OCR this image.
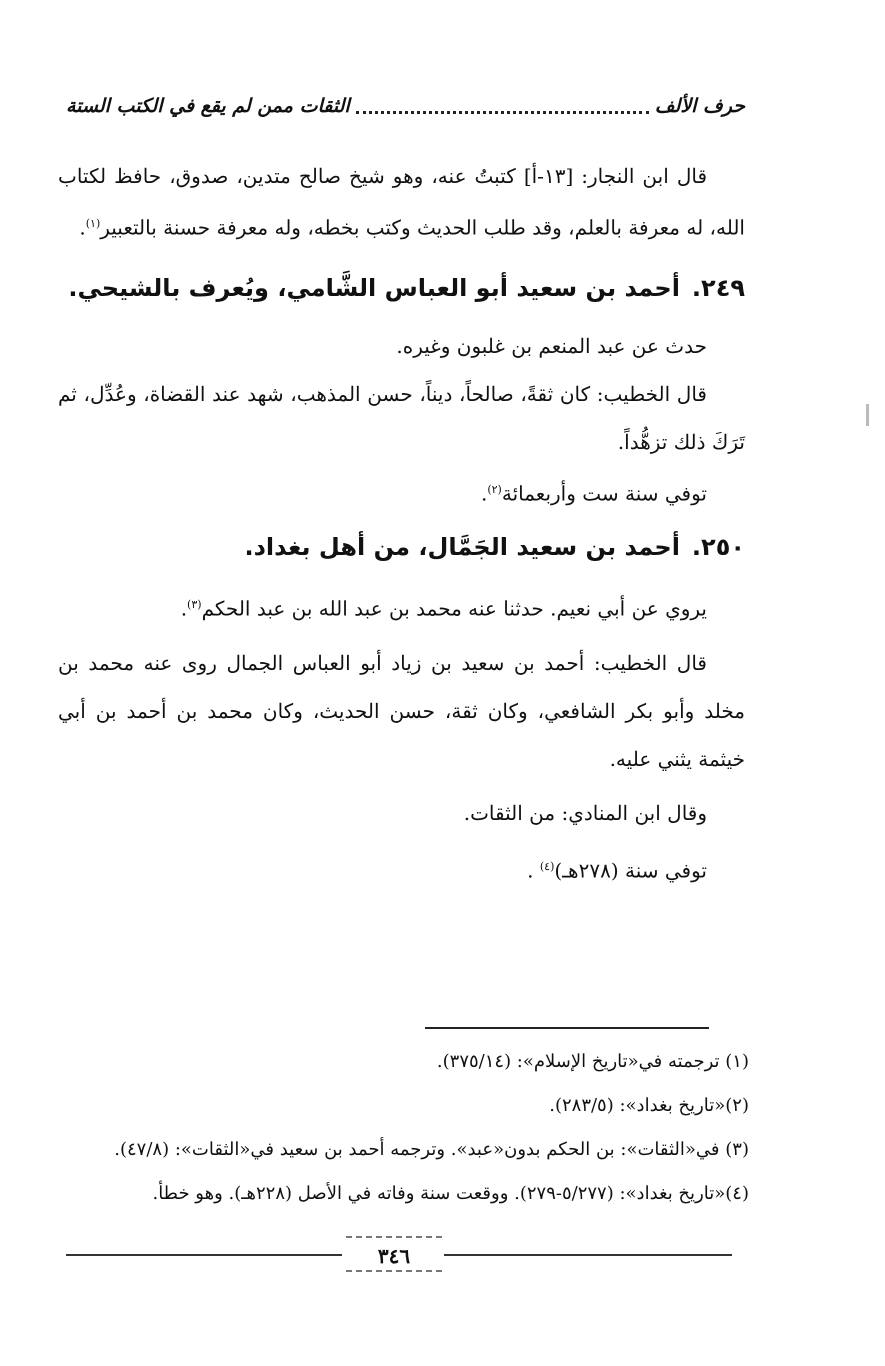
حرف الألف
الثقات ممن لم يقع في الكتب الستة

قال ابن النجار: [١٣-أ] كتبتُ عنه، وهو شيخ صالح متدين، صدوق، حافظ لكتاب الله، له معرفة بالعلم، وقد طلب الحديث وكتب بخطه، وله معرفة حسنة بالتعبير$^{(١)}$.

٢٤٩.أحمد بن سعيد أبو العباس الشَّامي، ويُعرف بالشيحي.

حدث عن عبد المنعم بن غلبون وغيره.

قال الخطيب: كان ثقةً، صالحاً، ديناً، حسن المذهب، شهد عند القضاة، وعُدِّل، ثم تَرَكَ ذلك تزهُّداً.

توفي سنة ست وأربعمائة$^{(٢)}$.

٢٥٠.أحمد بن سعيد الجَمَّال، من أهل بغداد.

يروي عن أبي نعيم. حدثنا عنه محمد بن عبد الله بن عبد الحكم$^{(٣)}$.

قال الخطيب: أحمد بن سعيد بن زياد أبو العباس الجمال روى عنه محمد بن مخلد وأبو بكر الشافعي، وكان ثقة، حسن الحديث، وكان محمد بن أحمد بن أبي خيثمة يثني عليه.

وقال ابن المنادي: من الثقات.

توفي سنة (٢٧٨هـ)$^{(٤)}$ .

(١) ترجمته في«تاريخ الإسلام»: (٣٧٥/١٤).
(٢)«تاريخ بغداد»: (٢٨٣/٥).
(٣) في«الثقات»: بن الحكم بدون«عبد». وترجمه أحمد بن سعيد في«الثقات»: (٤٧/٨).
(٤)«تاريخ بغداد»: (٥/٢٧٧-٢٧٩). ووقعت سنة وفاته في الأصل (٢٢٨هـ). وهو خطأ.
٣٤٦
